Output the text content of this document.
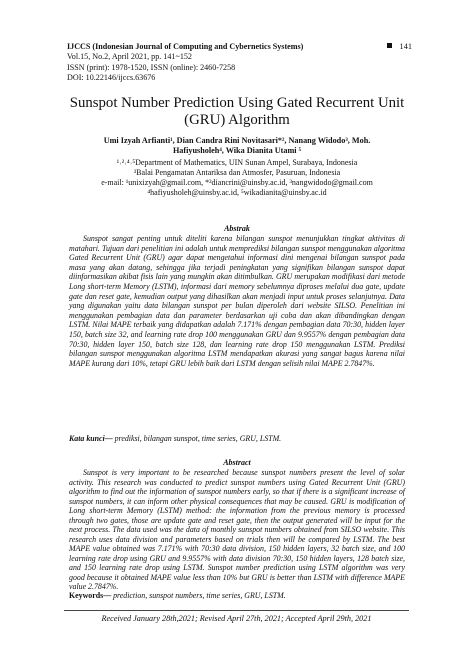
IJCCS (Indonesian Journal of Computing and Cybernetics Systems)
Vol.15, No.2, April 2021, pp. 141~152
ISSN (print): 1978-1520, ISSN (online): 2460-7258
DOI: 10.22146/ijccs.63676
141
Sunspot Number Prediction Using Gated Recurrent Unit
(GRU) Algorithm
Umi Izyah Arfianti¹, Dian Candra Rini Novitasari*², Nanang Widodo³, Moh.
Hafiyusholeh⁴, Wika Dianita Utami ⁵
¹˒²˒⁴˒⁵Department of Mathematics, UIN Sunan Ampel, Surabaya, Indonesia
³Balai Pengamatan Antariksa dan Atmosfer, Pasuruan, Indonesia
e-mail: ¹unixizyah@gmail.com, *²diancrini@uinsby.ac.id, ³nangwidodo@gmail.com
⁴hafiyusholeh@uinsby.ac.id, ⁵wikadianita@uinsby.ac.id
Abstrak

Sunspot sangat penting untuk diteliti karena bilangan sunspot menunjukkan tingkat aktivitas di matahari. Tujuan dari penelitian ini adalah untuk memprediksi bilangan sunspot menggunakan algoritma Gated Recurrent Unit (GRU) agar dapat mengetahui informasi dini mengenai bilangan sunspot pada masa yang akan datang, sehingga jika terjadi peningkatan yang signifikan bilangan sunspot dapat diinformasikan akibat fisis lain yang mungkin akan ditimbulkan. GRU merupakan modifikasi dari metode Long short-term Memory (LSTM), informasi dari memory sebelumnya diproses melalui dua gate, update gate dan reset gate, kemudian output yang dihasilkan akan menjadi input untuk proses selanjutnya. Data yang digunakan yaitu data bilangan sunspot per bulan diperoleh dari website SILSO. Penelitian ini menggunakan pembagian data dan parameter berdasarkan uji coba dan akan dibandingkan dengan LSTM. Nilai MAPE terbaik yang didapatkan adalah 7.171% dengan pembagian data 70:30, hidden layer 150, batch size 32, and learning rate drop 100 menggunakan GRU dan 9.9557% dengan pembagian data 70:30, hidden layer 150, batch size 128, dan learning rate drop 150 menggunakan LSTM. Prediksi bilangan sunspot menggunakan algoritma LSTM mendapatkan akurasi yang sangat bagus karena nilai MAPE kurang dari 10%, tetapi GRU lebih baik dari LSTM dengan selisih nilai MAPE 2.7847%.

Kata kunci— prediksi, bilangan sunspot, time series, GRU, LSTM.
Abstract

Sunspot is very important to be researched because sunspot numbers present the level of solar activity. This research was conducted to predict sunspot numbers using Gated Recurrent Unit (GRU) algorithm to find out the information of sunspot numbers early, so that if there is a significant increase of sunspot numbers, it can inform other physical consequences that may be caused. GRU is modification of Long short-term Memory (LSTM) method: the information from the previous memory is processed through two gates, those are update gate and reset gate, then the output generated will be input for the next process. The data used was the data of monthly sunspot numbers obtained from SILSO website. This research uses data division and parameters based on trials then will be compared by LSTM. The best MAPE value obtained was 7.171% with 70:30 data division, 150 hidden layers, 32 batch size, and 100 learning rate drop using GRU and 9.9557% with data division 70:30, 150 hidden layers, 128 batch size, and 150 learning rate drop using LSTM. Sunspot number prediction using LSTM algorithm was very good because it obtained MAPE value less than 10% but GRU is better than LSTM with difference MAPE value 2.7847%.

Keywords— prediction, sunspot numbers, time series, GRU, LSTM.
Received January 28th,2021; Revised April 27th, 2021; Accepted April 29th, 2021
